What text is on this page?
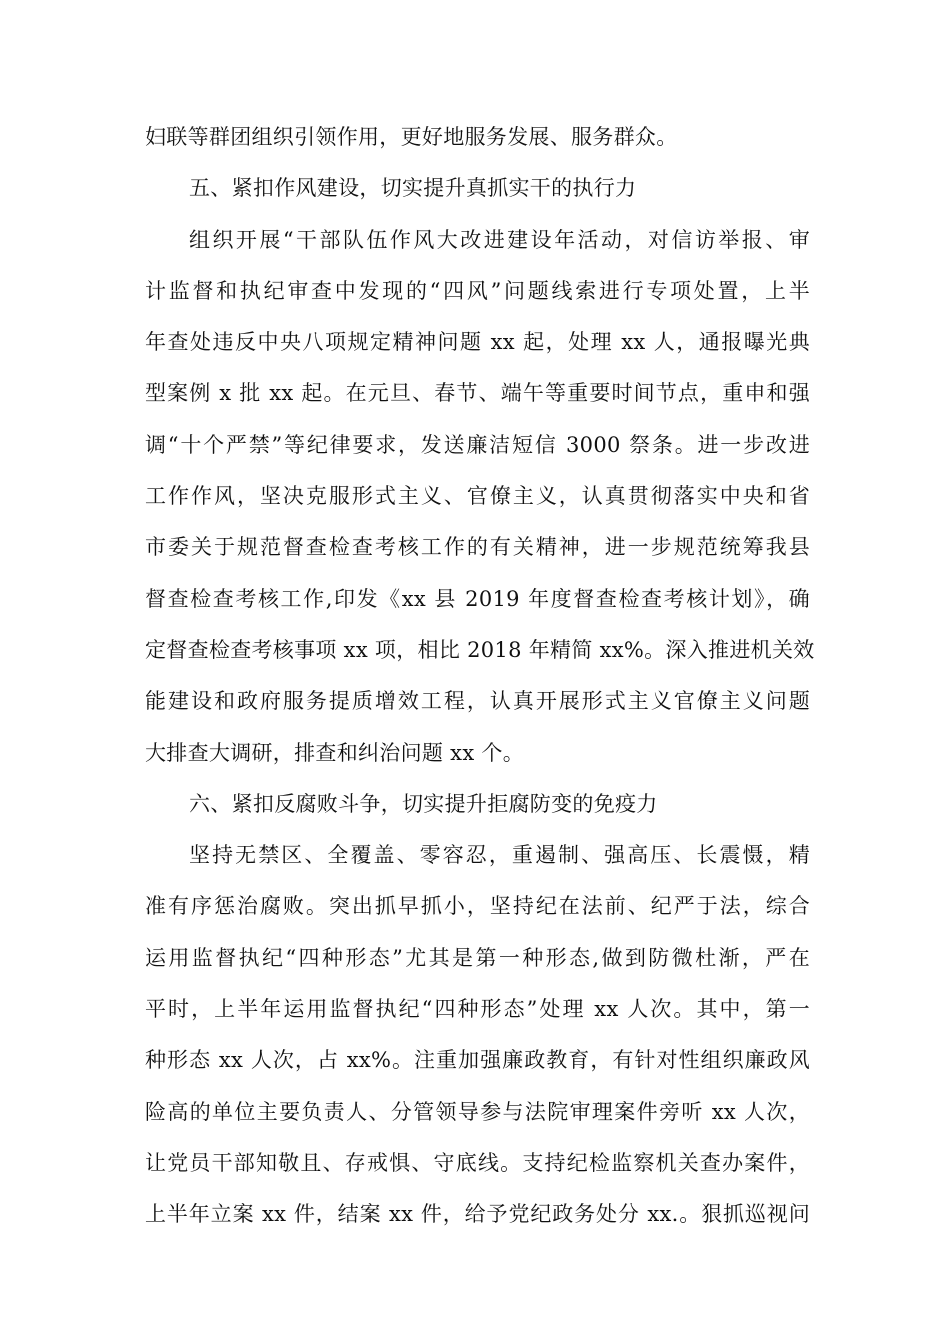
妇联等群团组织引领作用，更好地服务发展、服务群众。
五、紧扣作风建设，切实提升真抓实干的执行力
组织开展“干部队伍作风大改进建设年活动，对信访举报、审
计监督和执纪审查中发现的“四风”问题线索进行专项处置，上半
年查处违反中央八项规定精神问题 xx 起，处理 xx 人，通报曝光典
型案例 x 批 xx 起。在元旦、春节、端午等重要时间节点，重申和强
调“十个严禁”等纪律要求，发送廉洁短信 3000 祭条。进一步改进
工作作风，坚决克服形式主义、官僚主义，认真贯彻落实中央和省
市委关于规范督查检查考核工作的有关精神，进一步规范统筹我县
督查检查考核工作,印发《xx 县 2019 年度督查检查考核计划》，确
定督查检查考核事项 xx 项，相比 2018 年精简 xx%。深入推进机关效
能建设和政府服务提质增效工程，认真开展形式主义官僚主义问题
大排查大调研，排查和纠治问题 xx 个。
六、紧扣反腐败斗争，切实提升拒腐防变的免疫力
坚持无禁区、全覆盖、零容忍，重遏制、强高压、长震慑，精
准有序惩治腐败。突出抓早抓小，坚持纪在法前、纪严于法，综合
运用监督执纪“四种形态”尤其是第一种形态,做到防微杜渐，严在
平时，上半年运用监督执纪“四种形态”处理 xx 人次。其中，第一
种形态 xx 人次，占 xx%。注重加强廉政教育，有针对性组织廉政风
险高的单位主要负责人、分管领导参与法院审理案件旁听 xx 人次，
让党员干部知敬且、存戒惧、守底线。支持纪检监察机关查办案件，
上半年立案 xx 件，结案 xx 件，给予党纪政务处分 xx.。狠抓巡视问
